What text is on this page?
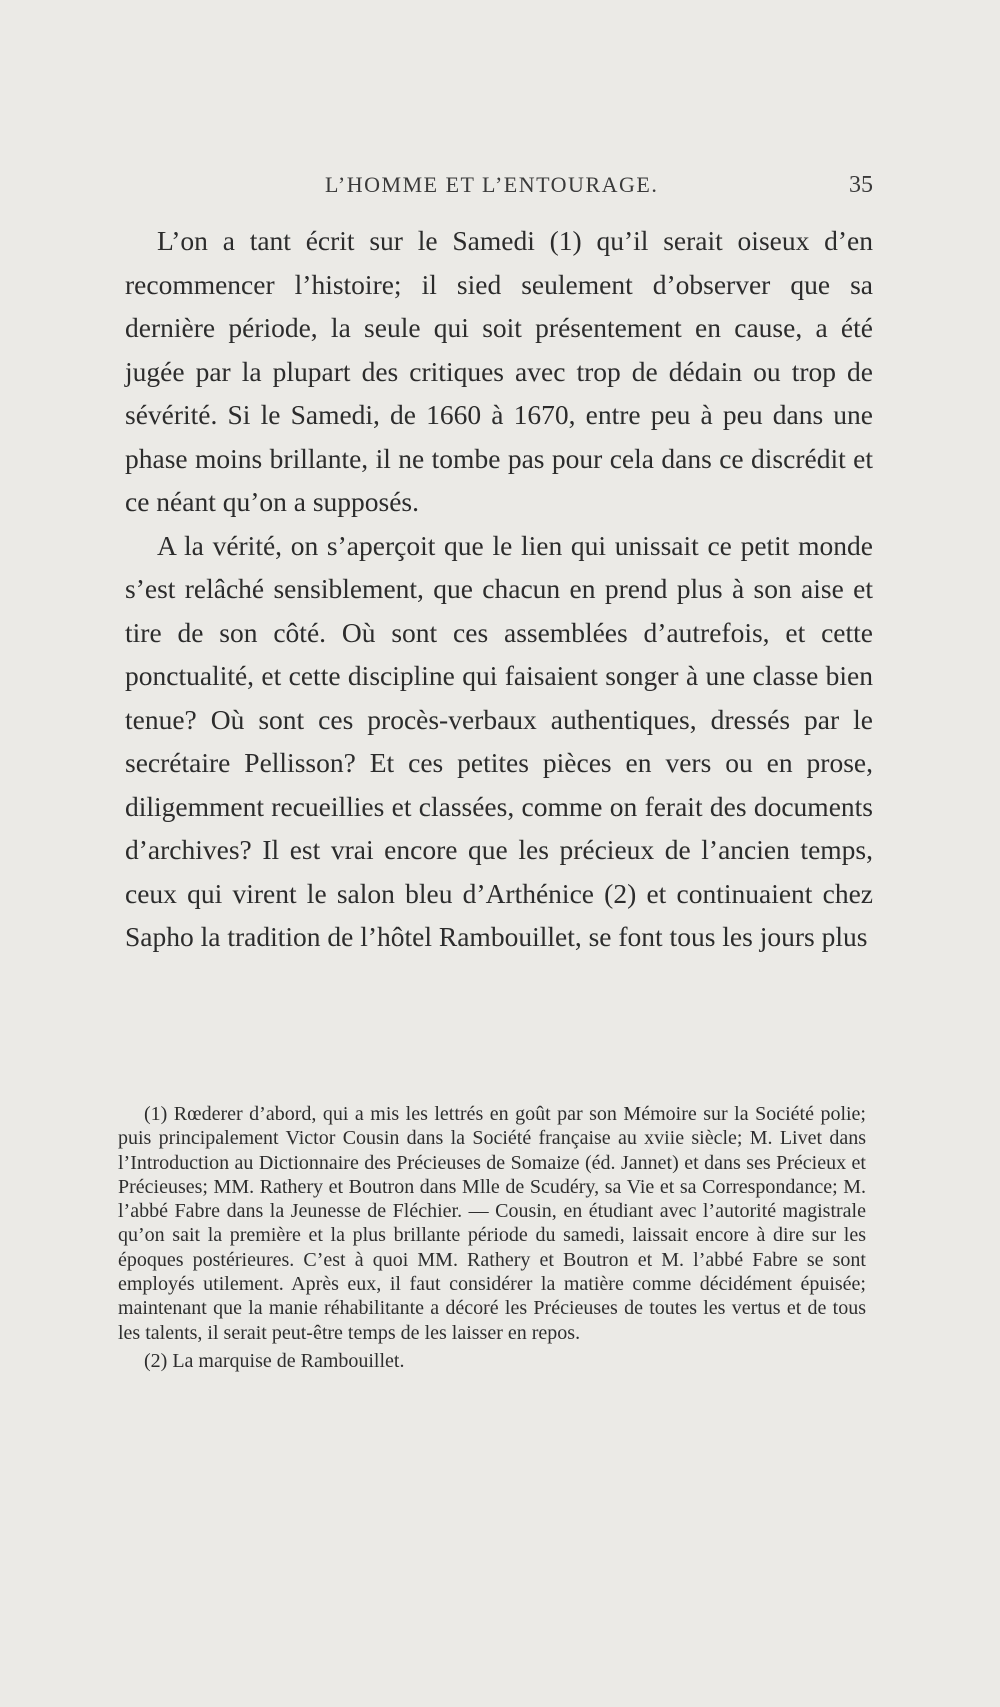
L’HOMME ET L’ENTOURAGE.	35

L’on a tant écrit sur le Samedi (1) qu’il serait oiseux d’en recommencer l’histoire; il sied seulement d’observer que sa dernière période, la seule qui soit présentement en cause, a été jugée par la plupart des critiques avec trop de dédain ou trop de sévérité. Si le Samedi, de 1660 à 1670, entre peu à peu dans une phase moins brillante, il ne tombe pas pour cela dans ce discrédit et ce néant qu’on a supposés.

A la vérité, on s’aperçoit que le lien qui unissait ce petit monde s’est relâché sensiblement, que chacun en prend plus à son aise et tire de son côté. Où sont ces assemblées d’autrefois, et cette ponctualité, et cette discipline qui faisaient songer à une classe bien tenue? Où sont ces procès-verbaux authentiques, dressés par le secrétaire Pellisson? Et ces petites pièces en vers ou en prose, diligemment recueillies et classées, comme on ferait des documents d’archives? Il est vrai encore que les précieux de l’ancien temps, ceux qui virent le salon bleu d’Arthénice (2) et continuaient chez Sapho la tradition de l’hôtel Rambouillet, se font tous les jours plus

(1) Rœderer d’abord, qui a mis les lettrés en goût par son Mémoire sur la Société polie; puis principalement Victor Cousin dans la Société française au xviie siècle; M. Livet dans l’Introduction au Dictionnaire des Précieuses de Somaize (éd. Jannet) et dans ses Précieux et Précieuses; MM. Rathery et Boutron dans Mlle de Scudéry, sa Vie et sa Correspondance; M. l’abbé Fabre dans la Jeunesse de Fléchier. — Cousin, en étudiant avec l’autorité magistrale qu’on sait la première et la plus brillante période du samedi, laissait encore à dire sur les époques postérieures. C’est à quoi MM. Rathery et Boutron et M. l’abbé Fabre se sont employés utilement. Après eux, il faut considérer la matière comme décidément épuisée; maintenant que la manie réhabilitante a décoré les Précieuses de toutes les vertus et de tous les talents, il serait peut-être temps de les laisser en repos.

(2) La marquise de Rambouillet.
